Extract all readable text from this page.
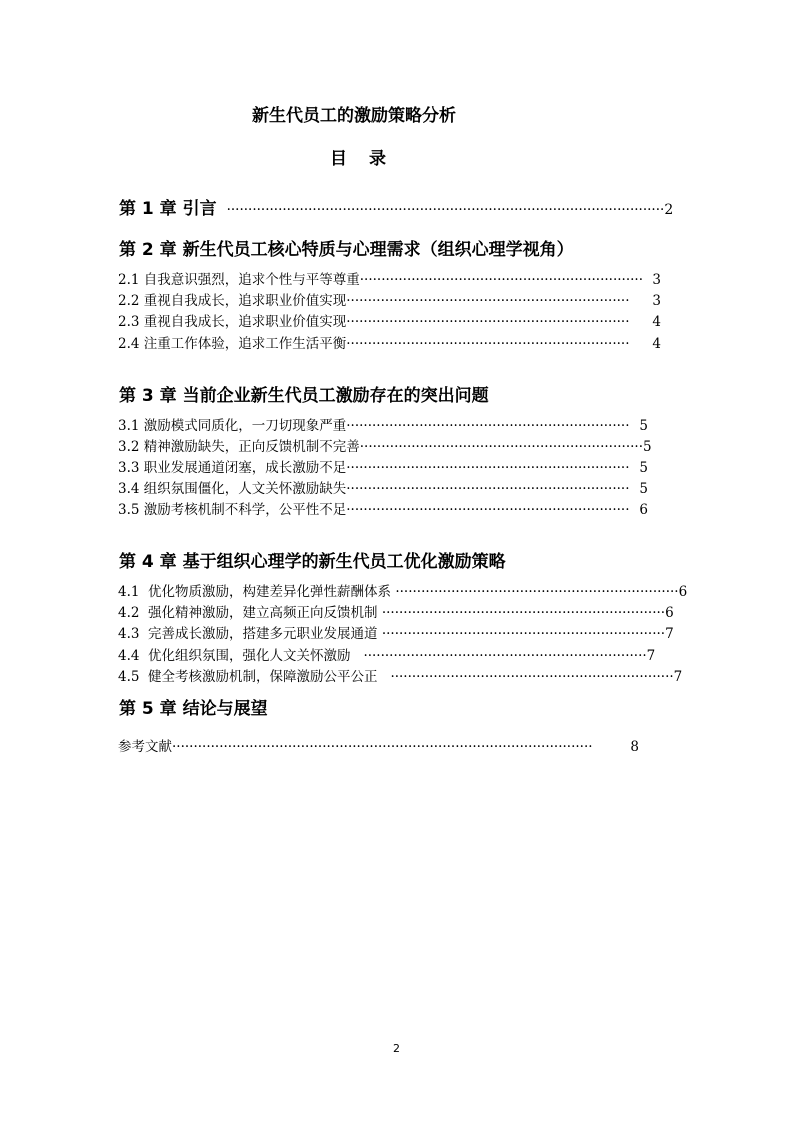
新生代员工的激励策略分析
目 录
第 1 章 引言 ······································································································ 2
第 2 章 新生代员工核心特质与心理需求（组织心理学视角）
2.1 自我意识强烈，追求个性与平等尊重 ·································································· 3
2.2 重视自我成长，追求职业价值实现 ··································································	3
2.3 重视自我成长，追求职业价值实现 ··································································	4
2.4 注重工作体验，追求工作生活平衡 ··································································	4
第 3 章 当前企业新生代员工激励存在的突出问题
3.1 激励模式同质化，一刀切现象严重 ·································································· 5
3.2 精神激励缺失，正向反馈机制不完善 ·································································· 5
3.3 职业发展通道闭塞，成长激励不足 ·································································· 5
3.4 组织氛围僵化，人文关怀激励缺失 ·································································· 5
3.5 激励考核机制不科学，公平性不足 ·································································· 6
第 4 章 基于组织心理学的新生代员工优化激励策略
4.1  优化物质激励，构建差异化弹性薪酬体系 ·································································· 6
4.2  强化精神激励，建立高频正向反馈机制 ·································································· 6
4.3  完善成长激励，搭建多元职业发展通道 ·································································· 7
4.4  优化组织氛围，强化人文关怀激励 ·································································· 7
4.5  健全考核激励机制，保障激励公平公正 ·································································· 7
第 5 章 结论与展望
参考文献 ··································································································	8
2
